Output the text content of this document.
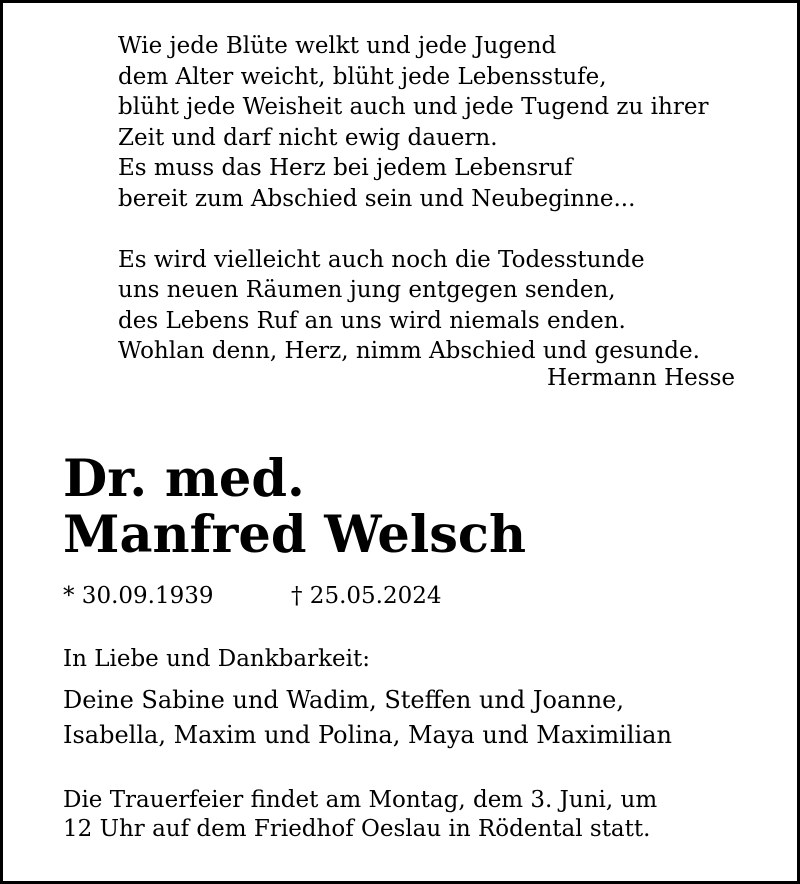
Wie jede Blüte welkt und jede Jugend
dem Alter weicht, blüht jede Lebensstufe,
blüht jede Weisheit auch und jede Tugend zu ihrer
Zeit und darf nicht ewig dauern.
Es muss das Herz bei jedem Lebensruf
bereit zum Abschied sein und Neubeginne...
Es wird vielleicht auch noch die Todesstunde
uns neuen Räumen jung entgegen senden,
des Lebens Ruf an uns wird niemals enden.
Wohlan denn, Herz, nimm Abschied und gesunde.
Hermann Hesse
Dr. med.
Manfred Welsch
* 30.09.1939	† 25.05.2024
In Liebe und Dankbarkeit:
Deine Sabine und Wadim, Steffen und Joanne,
Isabella, Maxim und Polina, Maya und Maximilian
Die Trauerfeier findet am Montag, dem 3. Juni, um
12 Uhr auf dem Friedhof Oeslau in Rödental statt.
